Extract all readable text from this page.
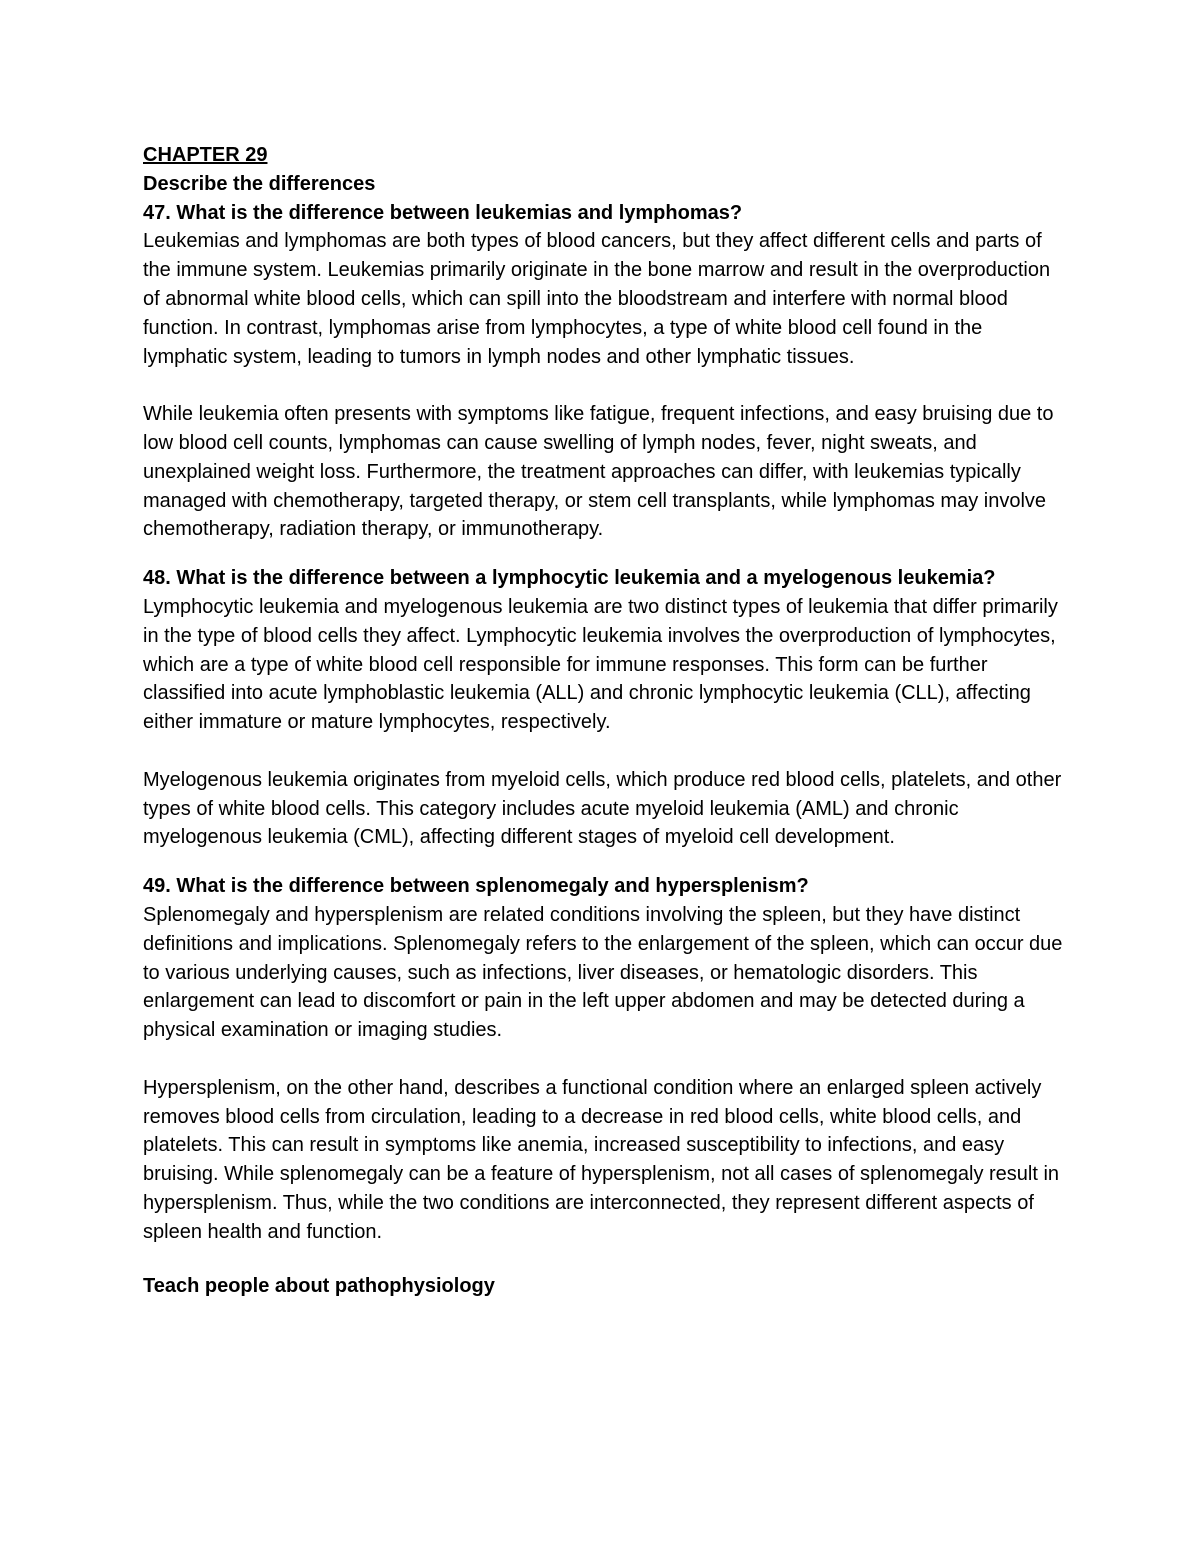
CHAPTER 29

Describe the differences

47. What is the difference between leukemias and lymphomas?

Leukemias and lymphomas are both types of blood cancers, but they affect different cells and parts of the immune system. Leukemias primarily originate in the bone marrow and result in the overproduction of abnormal white blood cells, which can spill into the bloodstream and interfere with normal blood function. In contrast, lymphomas arise from lymphocytes, a type of white blood cell found in the lymphatic system, leading to tumors in lymph nodes and other lymphatic tissues.

While leukemia often presents with symptoms like fatigue, frequent infections, and easy bruising due to low blood cell counts, lymphomas can cause swelling of lymph nodes, fever, night sweats, and unexplained weight loss. Furthermore, the treatment approaches can differ, with leukemias typically managed with chemotherapy, targeted therapy, or stem cell transplants, while lymphomas may involve chemotherapy, radiation therapy, or immunotherapy.

48. What is the difference between a lymphocytic leukemia and a myelogenous leukemia?

Lymphocytic leukemia and myelogenous leukemia are two distinct types of leukemia that differ primarily in the type of blood cells they affect. Lymphocytic leukemia involves the overproduction of lymphocytes, which are a type of white blood cell responsible for immune responses. This form can be further classified into acute lymphoblastic leukemia (ALL) and chronic lymphocytic leukemia (CLL), affecting either immature or mature lymphocytes, respectively.

Myelogenous leukemia originates from myeloid cells, which produce red blood cells, platelets, and other types of white blood cells. This category includes acute myeloid leukemia (AML) and chronic myelogenous leukemia (CML), affecting different stages of myeloid cell development.

49. What is the difference between splenomegaly and hypersplenism?

Splenomegaly and hypersplenism are related conditions involving the spleen, but they have distinct definitions and implications. Splenomegaly refers to the enlargement of the spleen, which can occur due to various underlying causes, such as infections, liver diseases, or hematologic disorders. This enlargement can lead to discomfort or pain in the left upper abdomen and may be detected during a physical examination or imaging studies.

Hypersplenism, on the other hand, describes a functional condition where an enlarged spleen actively removes blood cells from circulation, leading to a decrease in red blood cells, white blood cells, and platelets. This can result in symptoms like anemia, increased susceptibility to infections, and easy bruising. While splenomegaly can be a feature of hypersplenism, not all cases of splenomegaly result in hypersplenism. Thus, while the two conditions are interconnected, they represent different aspects of spleen health and function.

Teach people about pathophysiology
